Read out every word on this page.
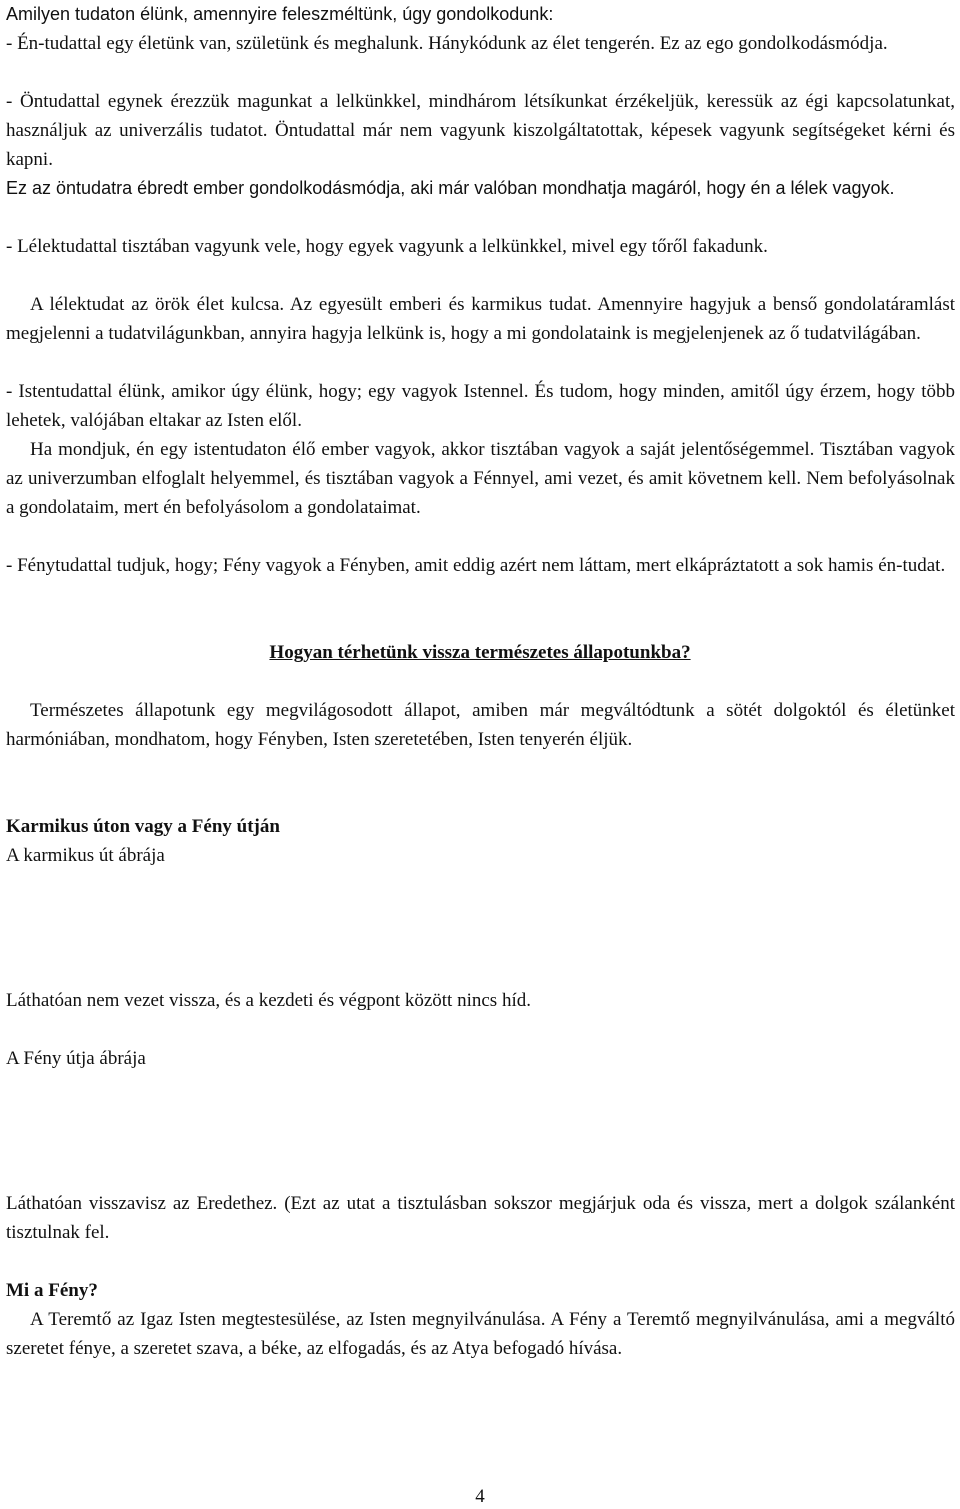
Amilyen tudaton élünk, amennyire feleszméltünk, úgy gondolkodunk:

- Én-tudattal egy életünk van, születünk és meghalunk. Hánykódunk az élet tengerén. Ez az ego gondolkodásmódja.

- Öntudattal egynek érezzük magunkat a lelkünkkel, mindhárom létsíkunkat érzékeljük, keressük az égi kapcsolatunkat, használjuk az univerzális tudatot. Öntudattal már nem vagyunk kiszolgáltatottak, képesek vagyunk segítségeket kérni és kapni.

Ez az öntudatra ébredt ember gondolkodásmódja, aki már valóban mondhatja magáról, hogy én a lélek vagyok.

- Lélektudattal tisztában vagyunk vele, hogy egyek vagyunk a lelkünkkel, mivel egy tőről fakadunk.

A lélektudat az örök élet kulcsa. Az egyesült emberi és karmikus tudat. Amennyire hagyjuk a benső gondolatáramlást megjelenni a tudatvilágunkban, annyira hagyja lelkünk is, hogy a mi gondolataink is megjelenjenek az ő tudatvilágában.

- Istentudattal élünk, amikor úgy élünk, hogy; egy vagyok Istennel. És tudom, hogy minden, amitől úgy érzem, hogy több lehetek, valójában eltakar az Isten elől.

Ha mondjuk, én egy istentudaton élő ember vagyok, akkor tisztában vagyok a saját jelentőségemmel. Tisztában vagyok az univerzumban elfoglalt helyemmel, és tisztában vagyok a Fénnyel, ami vezet, és amit követnem kell. Nem befolyásolnak a gondolataim, mert én befolyásolom a gondolataimat.

- Fénytudattal tudjuk, hogy; Fény vagyok a Fényben, amit eddig azért nem láttam, mert elkápráztatott a sok hamis én-tudat.

Hogyan térhetünk vissza természetes állapotunkba?

Természetes állapotunk egy megvilágosodott állapot, amiben már megváltódtunk a sötét dolgoktól és életünket harmóniában, mondhatom, hogy Fényben, Isten szeretetében, Isten tenyerén éljük.

Karmikus úton vagy a Fény útján

A karmikus út ábrája

Láthatóan nem vezet vissza, és a kezdeti és végpont között nincs híd.

A Fény útja ábrája

Láthatóan visszavisz az Eredethez. (Ezt az utat a tisztulásban sokszor megjárjuk oda és vissza, mert a dolgok szálanként tisztulnak fel.

Mi a Fény?

A Teremtő az Igaz Isten megtestesülése, az Isten megnyilvánulása. A Fény a Teremtő megnyilvánulása, ami a megváltó szeretet fénye, a szeretet szava, a béke, az elfogadás, és az Atya befogadó hívása.

4
